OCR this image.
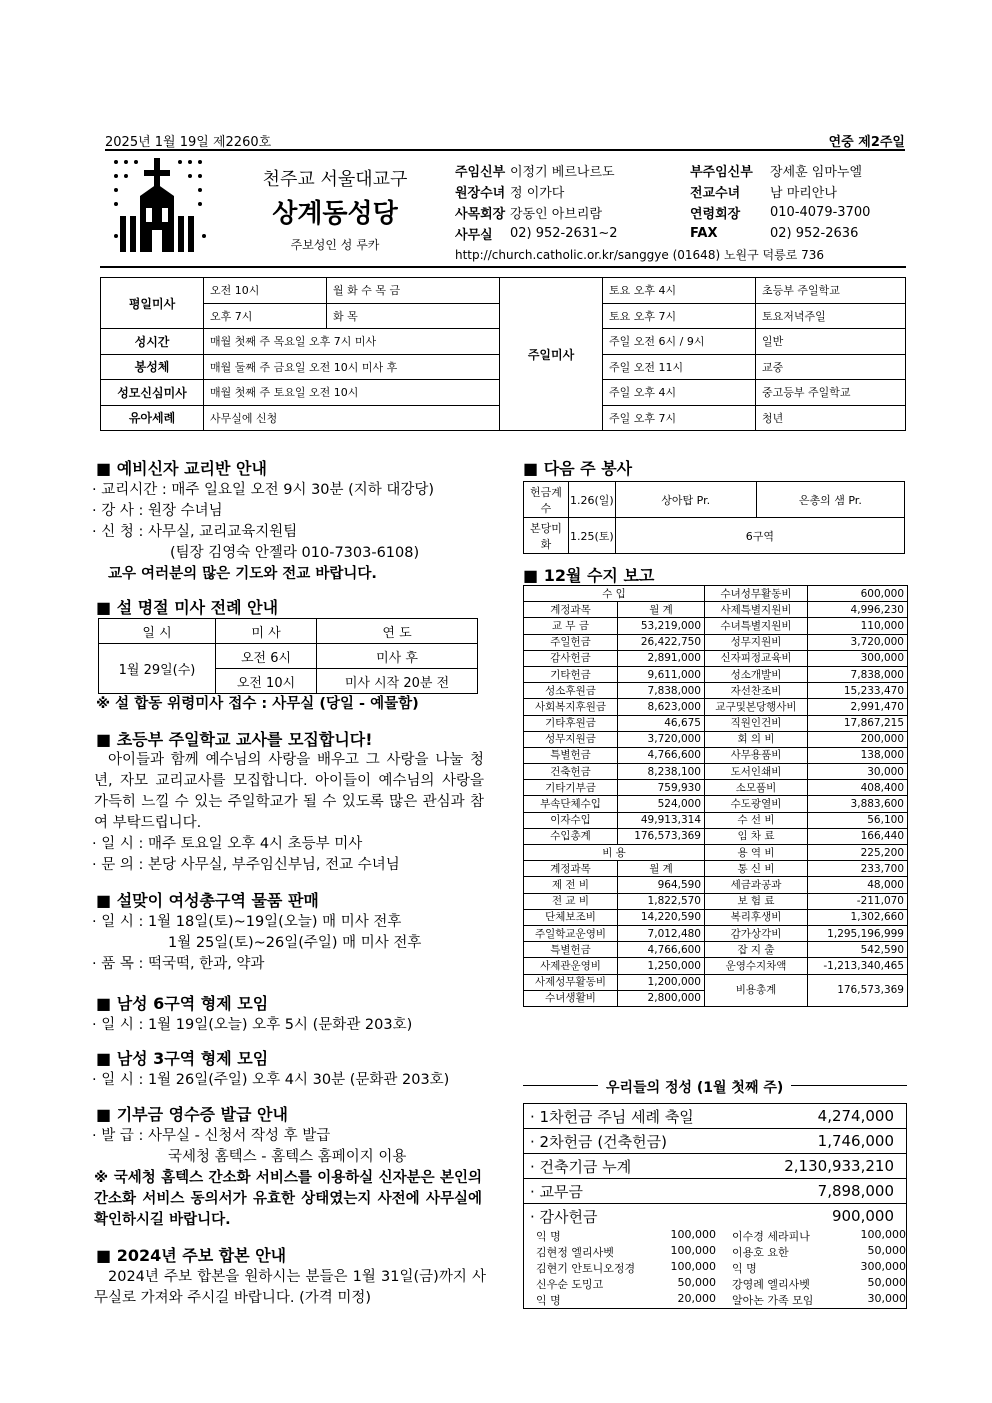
2025년 1월 19일 제2260호	연중 제2주일
천주교 서울대교구
상계동성당
주보성인 성 루카
주임신부 이정기 베르나르도	부주임신부	장세훈 임마누엘
원장수녀 정 이가다	전교수녀	남 마리안나
사목회장 강동인 아브리람	연령회장	010-4079-3700
사무실	02) 952-2631~2	FAX	02) 952-2636
http://church.catholic.or.kr/sanggye (01648) 노원구 덕릉로 736
평일미사	오전 10시	월 화 수 목 금	주일미사	토요 오후 4시	초등부 주일학교
	오후 7시	화 목		토요 오후 7시	토요저녁주일
성시간	매월 첫째 주 목요일 오후 7시 미사			주일 오전 6시 / 9시	일반
봉성체	매월 둘째 주 금요일 오전 10시 미사 후			주일 오전 11시	교중
성모신심미사	매월 첫째 주 토요일 오전 10시			주일 오후 4시	중고등부 주일학교
유아세례	사무실에 신청			주일 오후 7시	청년
■ 예비신자 교리반 안내
· 교리시간 : 매주 일요일 오전 9시 30분 (지하 대강당)
· 강 사 : 원장 수녀님
· 신 청 : 사무실, 교리교육지원팀
(팀장 김영숙 안젤라 010-7303-6108)
교우 여러분의 많은 기도와 전교 바랍니다.
■ 설 명절 미사 전례 안내
일 시	미 사	연 도
1월 29일(수)	오전 6시	미사 후
	오전 10시	미사 시작 20분 전
※ 설 합동 위령미사 접수 : 사무실 (당일 - 예물함)
■ 초등부 주일학교 교사를 모집합니다!
아이들과 함께 예수님의 사랑을 배우고 그 사랑을 나눌 청년, 자모 교리교사를 모집합니다. 아이들이 예수님의 사랑을 가득히 느낄 수 있는 주일학교가 될 수 있도록 많은 관심과 참여 부탁드립니다.
· 일 시 : 매주 토요일 오후 4시 초등부 미사
· 문 의 : 본당 사무실, 부주임신부님, 전교 수녀님
■ 설맞이 여성총구역 물품 판매
· 일 시 : 1월 18일(토)~19일(오늘) 매 미사 전후
1월 25일(토)~26일(주일) 매 미사 전후
· 품 목 : 떡국떡, 한과, 약과
■ 남성 6구역 형제 모임
· 일 시 : 1월 19일(오늘) 오후 5시 (문화관 203호)
■ 남성 3구역 형제 모임
· 일 시 : 1월 26일(주일) 오후 4시 30분 (문화관 203호)
■ 기부금 영수증 발급 안내
· 발 급 : 사무실 - 신청서 작성 후 발급
국세청 홈텍스 - 홈텍스 홈페이지 이용
※ 국세청 홈텍스 간소화 서비스를 이용하실 신자분은 본인의 간소화 서비스 동의서가 유효한 상태였는지 사전에 사무실에 확인하시길 바랍니다.
■ 2024년 주보 합본 안내
2024년 주보 합본을 원하시는 분들은 1월 31일(금)까지 사무실로 가져와 주시길 바랍니다. (가격 미정)
■ 다음 주 봉사
헌금계수	1.26(일)	상아탑 Pr.	은총의 샘 Pr.
본당미화	1.25(토)	6구역	
■ 12월 수지 보고
수 입		수녀성무활동비	600,000
계정과목	월 계	사제특별지원비	4,996,230
교 무 금	53,219,000	수녀특별지원비	110,000
주일헌금	26,422,750	성무지원비	3,720,000
감사헌금	2,891,000	신자피정교육비	300,000
기타헌금	9,611,000	성소개발비	7,838,000
성소후원금	7,838,000	자선찬조비	15,233,470
사회복지후원금	8,623,000	교구및본당행사비	2,991,470
기타후원금	46,675	직원인건비	17,867,215
성무지원금	3,720,000	회 의 비	200,000
특별헌금	4,766,600	사무용품비	138,000
건축헌금	8,238,100	도서인쇄비	30,000
기타기부금	759,930	소모품비	408,400
부속단체수입	524,000	수도광열비	3,883,600
이자수입	49,913,314	수 선 비	56,100
수입총계	176,573,369	임 차 료	166,440
비 용		용 역 비	225,200
계정과목	월 계	통 신 비	233,700
제 전 비	964,590	세금과공과	48,000
전 교 비	1,822,570	보 험 료	-211,070
단체보조비	14,220,590	복리후생비	1,302,660
주일학교운영비	7,012,480	감가상각비	1,295,196,999
특별헌금	4,766,600	잡 지 출	542,590
사제관운영비	1,250,000	운영수지차액	-1,213,340,465
사제성무활동비	1,200,000	비용총계	176,573,369
수녀생활비	2,800,000		
우리들의 정성 (1월 첫째 주)
· 1차헌금 주님 세례 축일	4,274,000
· 2차헌금 (건축헌금)	1,746,000
· 건축기금 누계	2,130,933,210
· 교무금	7,898,000
· 감사헌금	900,000
익 명	100,000	이수경 세라피나	100,000
김현정 엘리사벳	100,000	이용호 요한	50,000
김현기 안토니오정경	100,000	익 명	300,000
신우순 도밍고	50,000	강영례 엘리사벳	50,000
익 명	20,000	알아논 가족 모임	30,000
